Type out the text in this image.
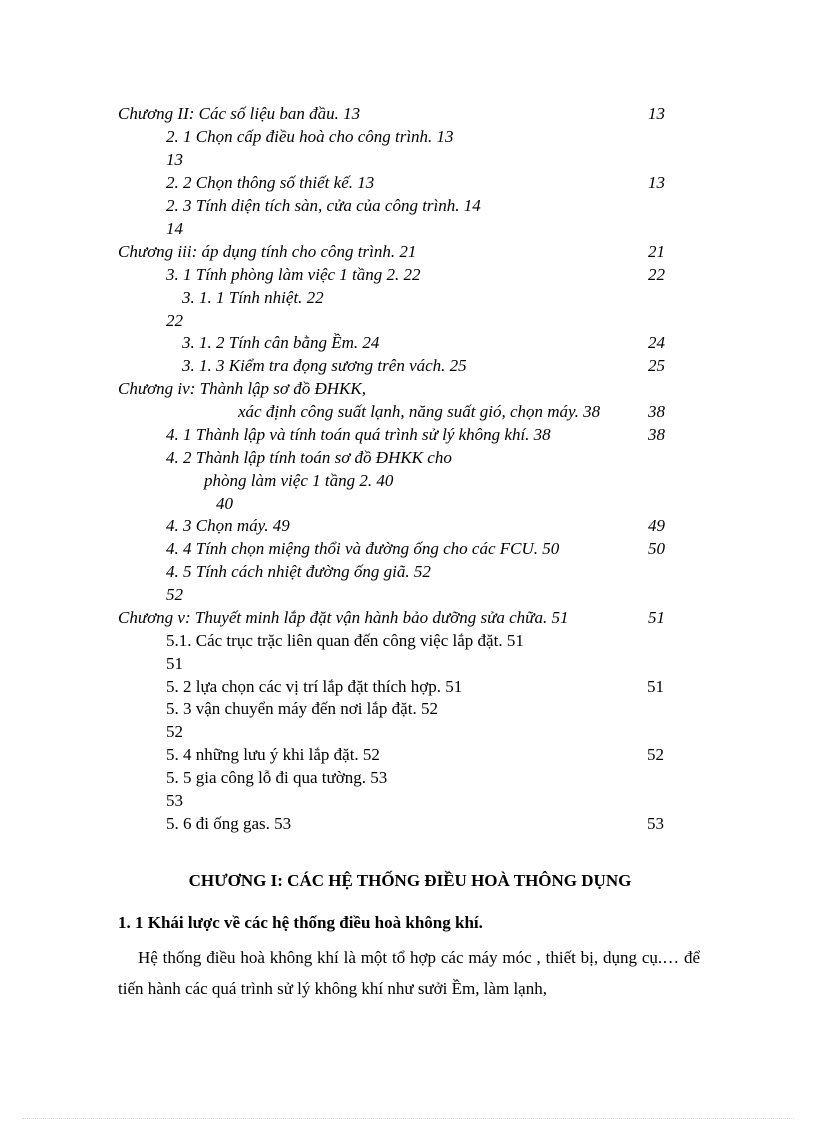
Chương II: Các số liệu ban đầu. 13	13
2. 1 Chọn cấp điều hoà cho công trình. 13
13
2. 2 Chọn thông số thiết kế. 13	13
2. 3 Tính diện tích sàn, cửa của công trình. 14
14
Chương iii: áp dụng tính cho công trình. 21	21
3. 1 Tính phòng làm việc 1 tầng 2. 22	22
3. 1. 1 Tính nhiệt. 22
22
3. 1. 2 Tính cân bằng Ềm. 24	24
3. 1. 3 Kiểm tra đọng sương trên vách. 25	25
Chương iv: Thành lập sơ đồ ĐHKK,
xác định công suất lạnh, năng suất gió, chọn máy. 38	38
4. 1 Thành lập và tính toán quá trình sử lý không khí. 38	38
4. 2 Thành lập tính toán sơ đồ ĐHKK cho
phòng làm việc 1 tầng 2. 40
40
4. 3 Chọn máy. 49	49
4. 4 Tính chọn miệng thổi và đường ống cho các FCU. 50	50
4. 5 Tính cách nhiệt đường ống giã. 52
52
Chương v: Thuyết minh lắp đặt vận hành bảo dưỡng sửa chữa. 51	51
5.1. Các trục trặc liên quan đến công việc lắp đặt. 51
51
5. 2 lựa chọn các vị trí lắp đặt thích hợp. 51	51
5. 3 vận chuyển máy đến nơi lắp đặt. 52
52
5. 4 những lưu ý khi lắp đặt. 52	52
5. 5 gia công lỗ đi qua tường. 53
53
5. 6 đi ống gas. 53	53
CHƯƠNG I: CÁC HỆ THỐNG ĐIỀU HOÀ THÔNG DỤNG
1. 1 Khái lược về các hệ thống điều hoà không khí.
Hệ thống điều hoà không khí là một tổ hợp các máy móc , thiết bị, dụng cụ.… để tiến hành các quá trình sử lý không khí như sưởi Ềm, làm lạnh,
